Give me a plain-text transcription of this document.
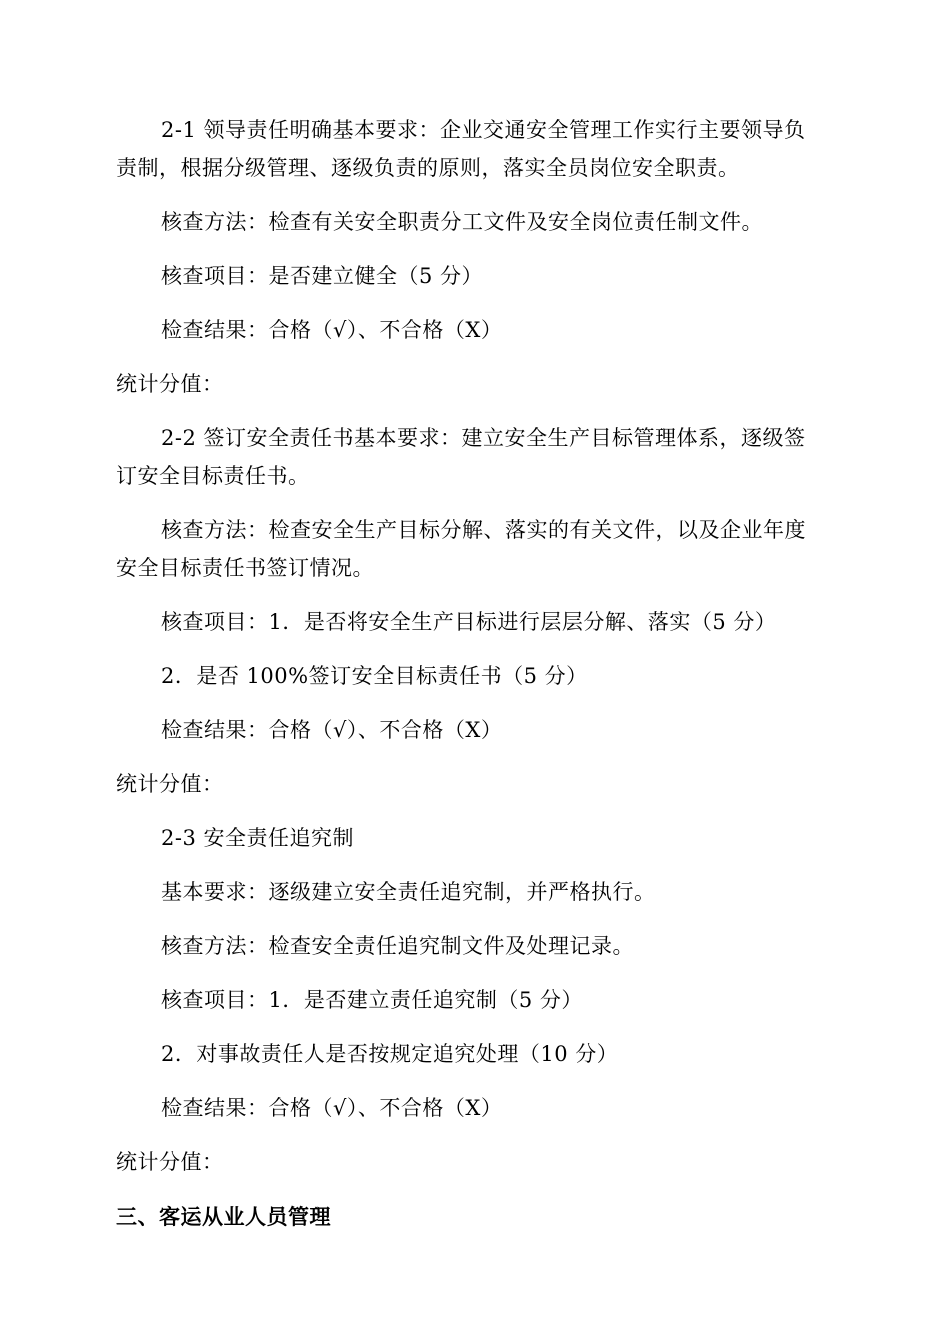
2-1 领导责任明确基本要求：企业交通安全管理工作实行主要领导负
责制，根据分级管理、逐级负责的原则，落实全员岗位安全职责。
核查方法：检查有关安全职责分工文件及安全岗位责任制文件。
核查项目：是否建立健全（5 分）
检查结果：合格（√）、不合格（X）
统计分值：
2-2 签订安全责任书基本要求：建立安全生产目标管理体系，逐级签
订安全目标责任书。
核查方法：检查安全生产目标分解、落实的有关文件，以及企业年度
安全目标责任书签订情况。
核查项目：1．是否将安全生产目标进行层层分解、落实（5 分）
2．是否 100%签订安全目标责任书（5 分）
检查结果：合格（√）、不合格（X）
统计分值：
2-3 安全责任追究制
基本要求：逐级建立安全责任追究制，并严格执行。
核查方法：检查安全责任追究制文件及处理记录。
核查项目：1．是否建立责任追究制（5 分）
2．对事故责任人是否按规定追究处理（10 分）
检查结果：合格（√）、不合格（X）
统计分值：
三、客运从业人员管理
